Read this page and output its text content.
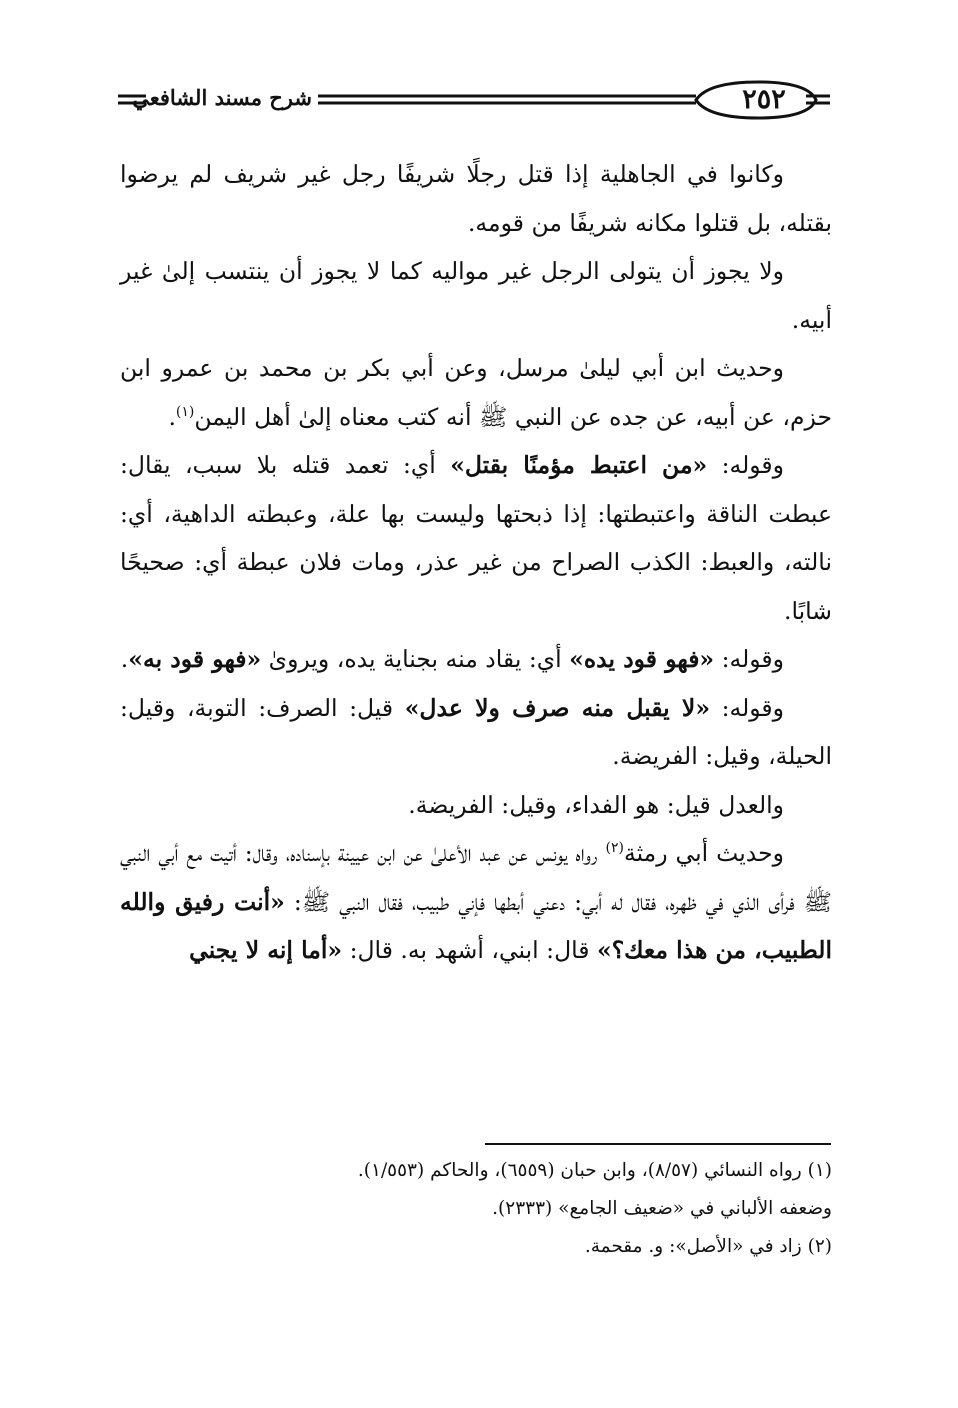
شرح مسند الشافعي	٢٥٢

وكانوا في الجاهلية إذا قتل رجلًا شريفًا رجل غير شريف لم يرضوا بقتله، بل قتلوا مكانه شريفًا من قومه.

ولا يجوز أن يتولى الرجل غير مواليه كما لا يجوز أن ينتسب إلىٰ غير أبيه.

وحديث ابن أبي ليلىٰ مرسل، وعن أبي بكر بن محمد بن عمرو ابن حزم، عن أبيه، عن جده عن النبي ﷺ أنه كتب معناه إلىٰ أهل اليمن$^{(١)}$.

وقوله: «من اعتبط مؤمنًا بقتل» أي: تعمد قتله بلا سبب، يقال: عبطت الناقة واعتبطتها: إذا ذبحتها وليست بها علة، وعبطته الداهية، أي: نالته، والعبط: الكذب الصراح من غير عذر، ومات فلان عبطة أي: صحيحًا شابًا.

وقوله: «فهو قود يده» أي: يقاد منه بجناية يده، ويروىٰ «فهو قود به».

وقوله: «لا يقبل منه صرف ولا عدل» قيل: الصرف: التوبة، وقيل: الحيلة، وقيل: الفريضة.

والعدل قيل: هو الفداء، وقيل: الفريضة.

وحديث أبي رمثة$^{(٢)}$ رواه يونس عن عبد الأعلىٰ عن ابن عيينة بإسناده، وقال: أتيت مع أبي النبي ﷺ فرأى الذي في ظهره، فقال له أبي: دعني أبطها فإني طبيب، فقال النبي ﷺ: «أنت رفيق والله الطبيب، من هذا معك؟» قال: ابني، أشهد به. قال: «أما إنه لا يجني

(١) رواه النسائي (٨/٥٧)، وابن حبان (٦٥٥٩)، والحاكم (١/٥٥٣).

وضعفه الألباني في «ضعيف الجامع» (٢٣٣٣).

(٢) زاد في «الأصل»: و. مقحمة.
